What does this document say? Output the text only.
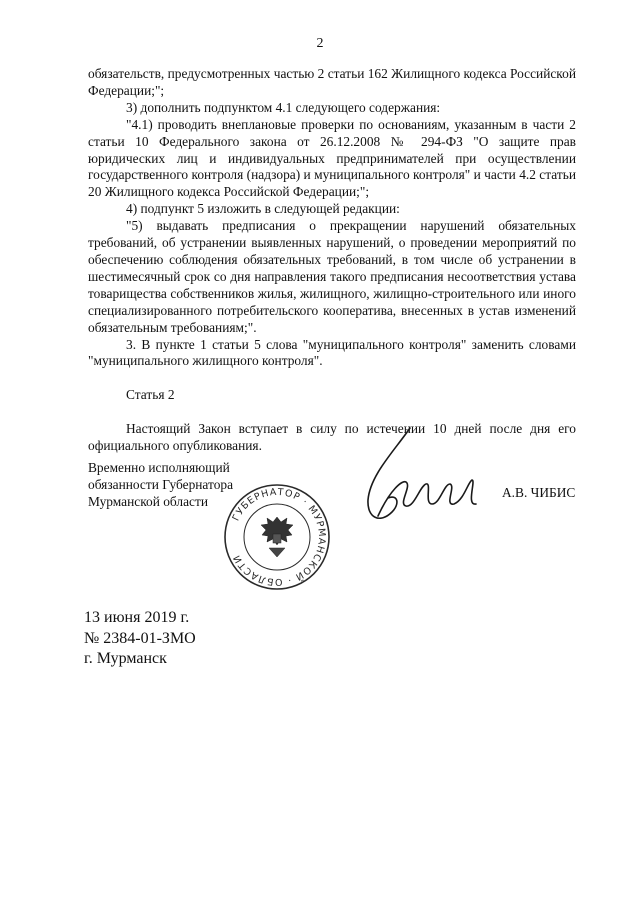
2

обязательств, предусмотренных частью 2 статьи 162 Жилищного кодекса Российской Федерации;";

3) дополнить подпунктом 4.1 следующего содержания:

"4.1) проводить внеплановые проверки по основаниям, указанным в части 2 статьи 10 Федерального закона от 26.12.2008 № 294-ФЗ "О защите прав юридических лиц и индивидуальных предпринимателей при осуществлении государственного контроля (надзора) и муниципального контроля" и части 4.2 статьи 20 Жилищного кодекса Российской Федерации;";

4) подпункт 5 изложить в следующей редакции:

"5) выдавать предписания о прекращении нарушений обязательных требований, об устранении выявленных нарушений, о проведении мероприятий по обеспечению соблюдения обязательных требований, в том числе об устранении в шестимесячный срок со дня направления такого предписания несоответствия устава товарищества собственников жилья, жилищного, жилищно-строительного или иного специализированного потребительского кооператива, внесенных в устав изменений обязательным требованиям;".

3. В пункте 1 статьи 5 слова "муниципального контроля" заменить словами "муниципального жилищного контроля".

Статья 2

Настоящий Закон вступает в силу по истечении 10 дней после дня его официального опубликования.

Временно исполняющий
обязанности Губернатора
Мурманской области
ГУБЕРНАТОР · МУРМАНСКОЙ · ОБЛАСТИ
А.В. ЧИБИС
13 июня 2019 г.
№ 2384-01-ЗМО
г. Мурманск
